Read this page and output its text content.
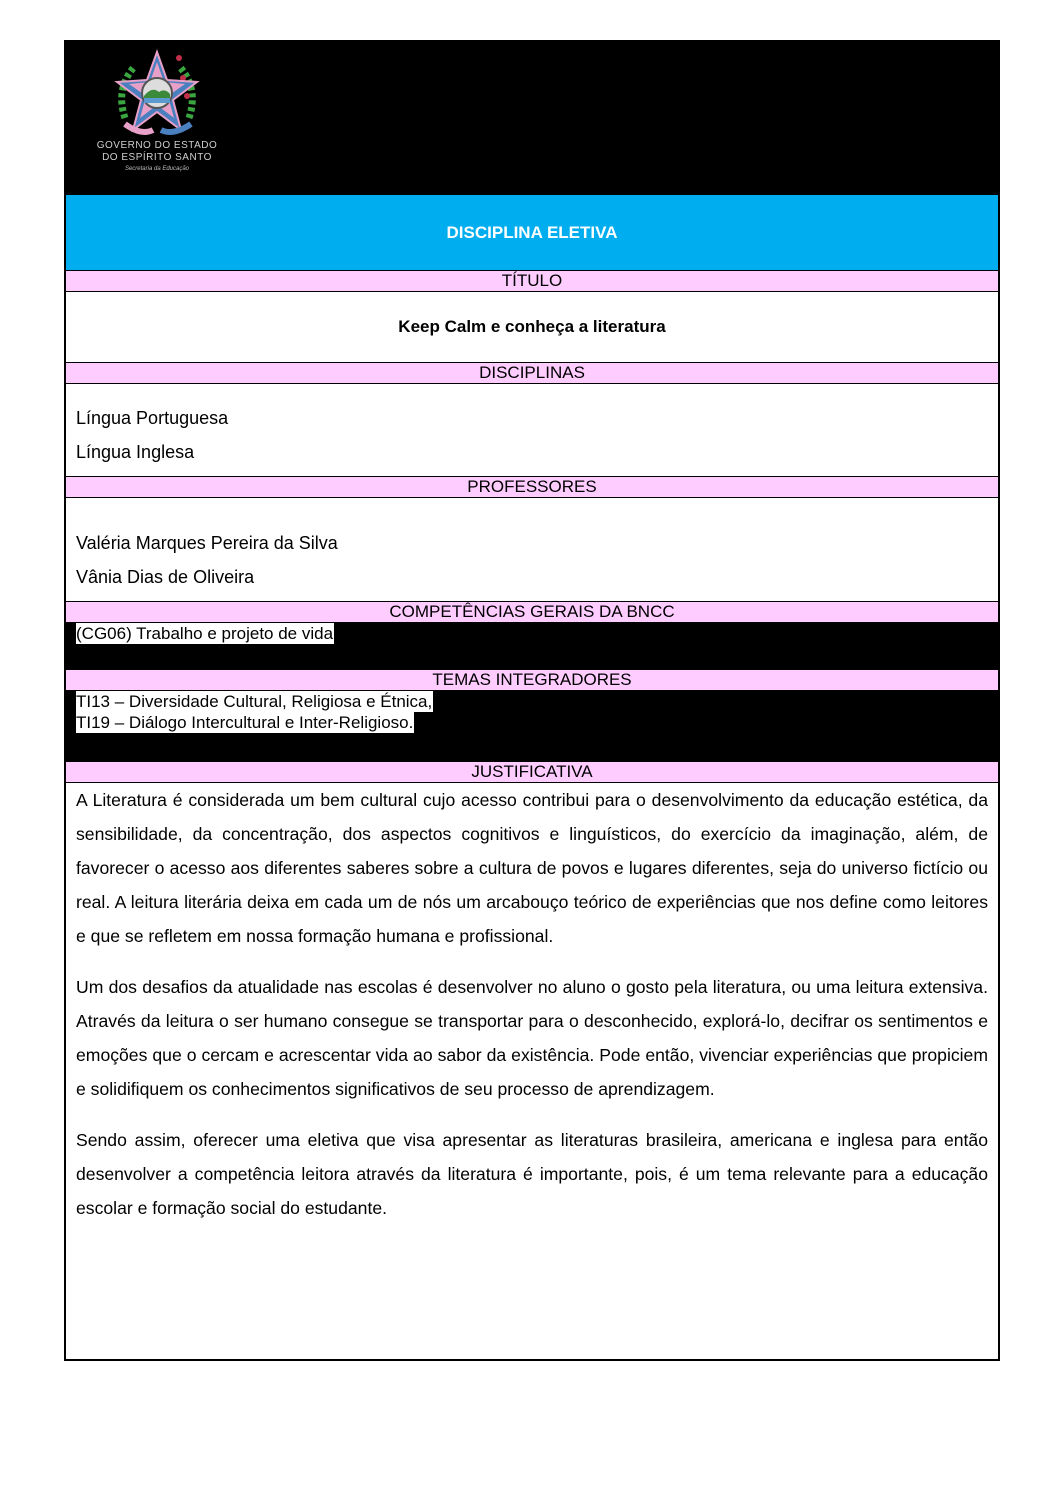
GOVERNO DO ESTADO
DO ESPÍRITO SANTO
Secretaria da Educação
DISCIPLINA ELETIVA
TÍTULO
Keep Calm e conheça a literatura
DISCIPLINAS
Língua Portuguesa
Língua Inglesa
PROFESSORES
Valéria Marques Pereira da Silva
Vânia Dias de Oliveira
COMPETÊNCIAS GERAIS DA BNCC
(CG06) Trabalho e projeto de vida
TEMAS INTEGRADORES
TI13 – Diversidade Cultural, Religiosa e Étnica,
TI19 – Diálogo Intercultural e Inter-Religioso.
JUSTIFICATIVA

A Literatura é considerada um bem cultural cujo acesso contribui para o desenvolvimento da educação estética, da sensibilidade, da concentração, dos aspectos cognitivos e linguísticos, do exercício da imaginação, além, de favorecer o acesso aos diferentes saberes sobre a cultura de povos e lugares diferentes, seja do universo fictício ou real. A leitura literária deixa em cada um de nós um arcabouço teórico de experiências que nos define como leitores e que se refletem em nossa formação humana e profissional.

Um dos desafios da atualidade nas escolas é desenvolver no aluno o gosto pela literatura, ou uma leitura extensiva. Através da leitura o ser humano consegue se transportar para o desconhecido, explorá-lo, decifrar os sentimentos e emoções que o cercam e acrescentar vida ao sabor da existência. Pode então, vivenciar experiências que propiciem e solidifiquem os conhecimentos significativos de seu processo de aprendizagem.

Sendo assim, oferecer uma eletiva que visa apresentar as literaturas brasileira, americana e inglesa para então desenvolver a competência leitora através da literatura é importante, pois, é um tema relevante para a educação escolar e formação social do estudante.
